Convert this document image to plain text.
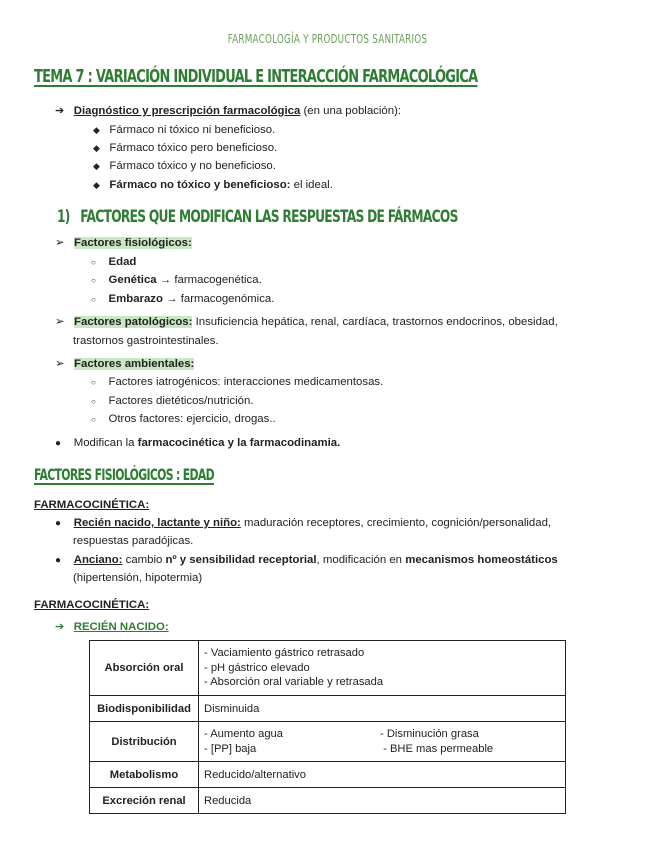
FARMACOLOGÍA Y PRODUCTOS SANITARIOS
TEMA 7 : VARIACIÓN INDIVIDUAL E INTERACCIÓN FARMACOLÓGICA
➔ Diagnóstico y prescripción farmacológica (en una población):
◆ Fármaco ni tóxico ni beneficioso.
◆ Fármaco tóxico pero beneficioso.
◆ Fármaco tóxico y no beneficioso.
◆ Fármaco no tóxico y beneficioso: el ideal.
1) FACTORES QUE MODIFICAN LAS RESPUESTAS DE FÁRMACOS
➢ Factores fisiológicos:
○ Edad
○ Genética → farmacogenética.
○ Embarazo → farmacogenómica.
➢ Factores patológicos: Insuficiencia hepática, renal, cardíaca, trastornos endocrinos, obesidad,
trastornos gastrointestinales.
➢ Factores ambientales:
○ Factores iatrogénicos: interacciones medicamentosas.
○ Factores dietéticos/nutrición.
○ Otros factores: ejercicio, drogas..
● Modifican la farmacocinética y la farmacodinamia.
FACTORES FISIOLÓGICOS : EDAD
FARMACOCINÉTICA:
● Recién nacido, lactante y niño: maduración receptores, crecimiento, cognición/personalidad,
respuestas paradójicas.
● Anciano: cambio nº y sensibilidad receptorial, modificación en mecanismos homeostáticos
(hipertensión, hipotermia)
FARMACOCINÉTICA:
➔ RECIÉN NACIDO:
Absorción oral	- Vaciamiento gástrico retrasado
- pH gástrico elevado
- Absorción oral variable y retrasada

Biodisponibilidad	Disminuida
Distribución	- Aumento agua
- [PP] baja
- Disminución grasa
- BHE mas permeable

Metabolismo	Reducido/alternativo
Excreción renal	Reducida
